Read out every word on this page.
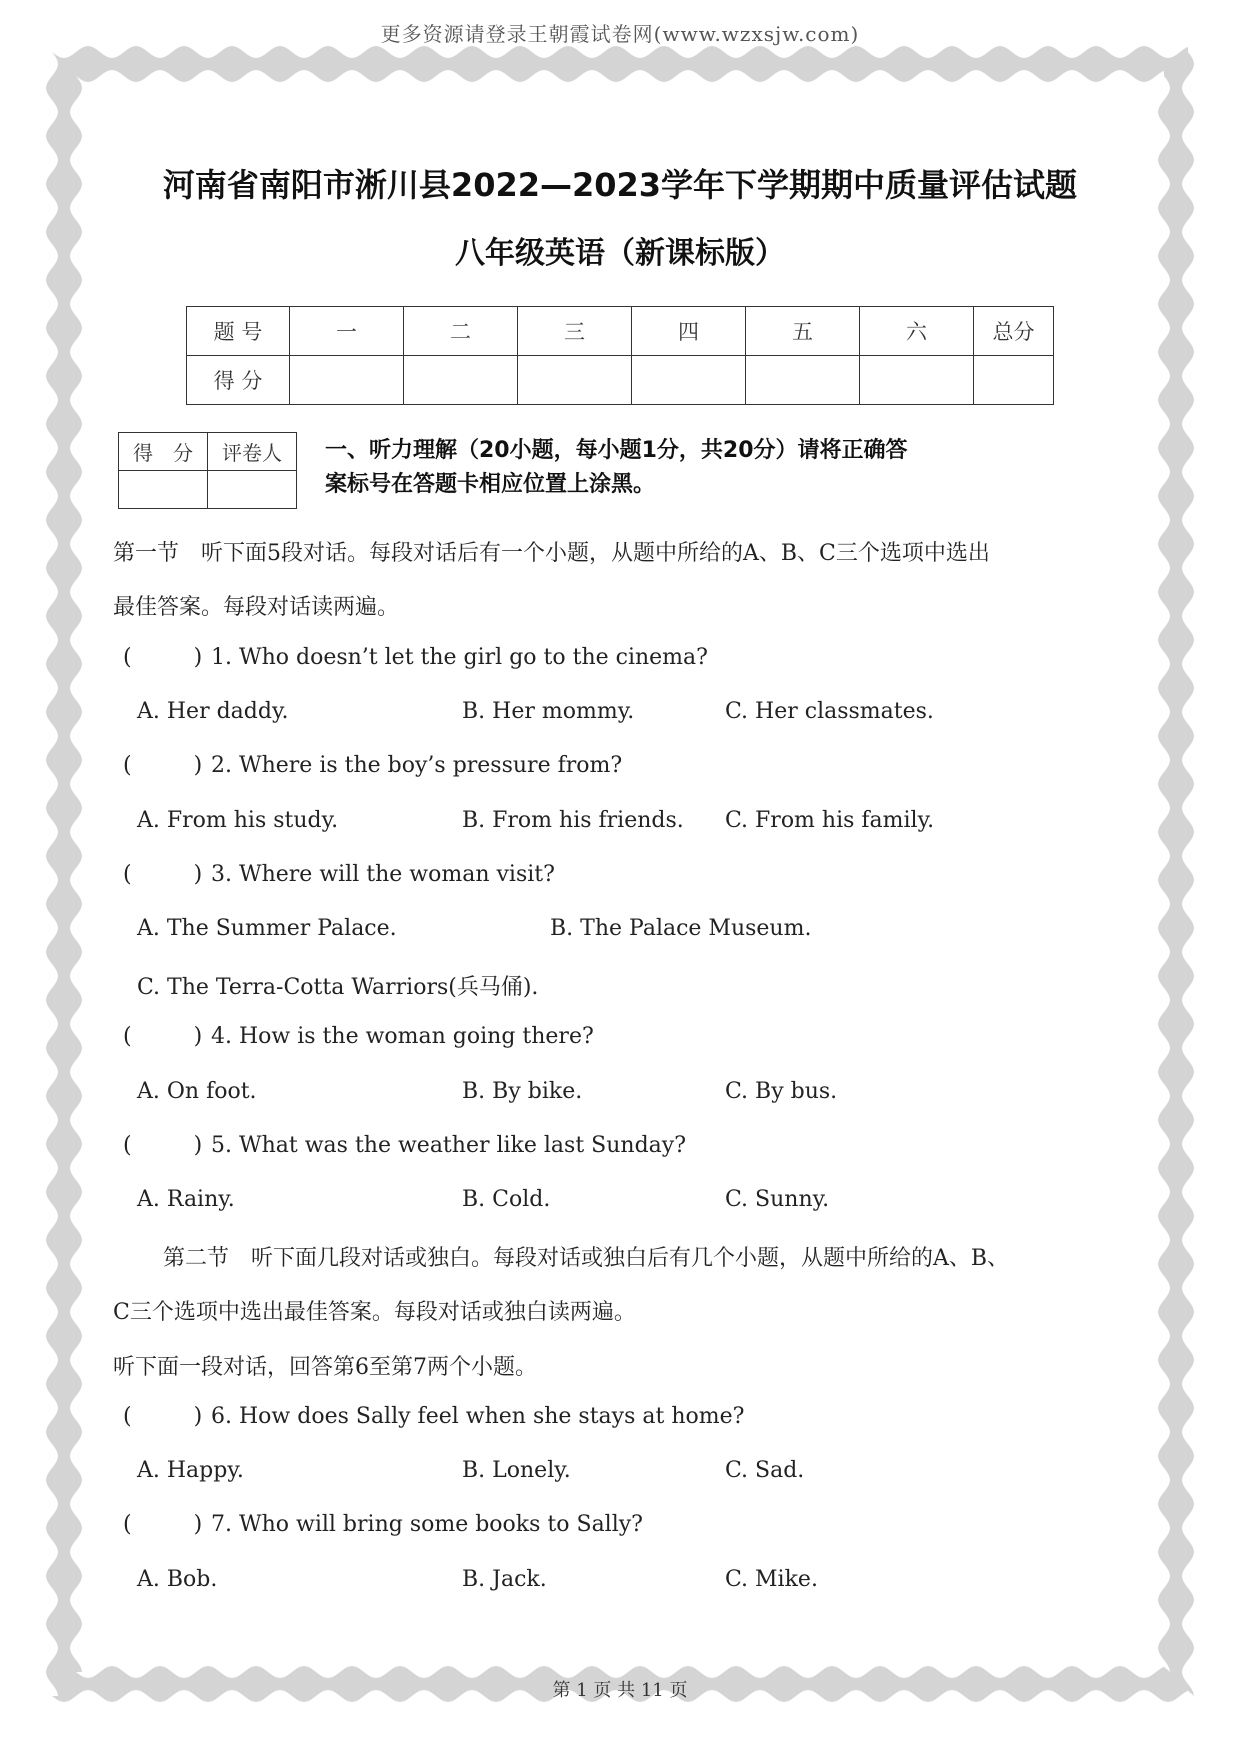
更多资源请登录王朝霞试卷网(www.wzxsjw.com)
河南省南阳市淅川县2022—2023学年下学期期中质量评估试题
八年级英语（新课标版）
题 号	一	二	三	四	五	六	总分
得 分							
得　分	评卷人
	一、听力理解（20小题，每小题1分，共20分）请将正确答
案标号在答题卡相应位置上涂黑。
第一节　听下面5段对话。每段对话后有一个小题，从题中所给的A、B、C三个选项中选出
最佳答案。每段对话读两遍。
(	) 1. Who doesn’t let the girl go to the cinema?
A. Her daddy.	B. Her mommy.	C. Her classmates.
(	) 2. Where is the boy’s pressure from?
A. From his study.	B. From his friends. C. From his family.
(	) 3. Where will the woman visit?
A. The Summer Palace.	B. The Palace Museum.
C. The Terra-Cotta Warriors(兵马俑).
(	) 4. How is the woman going there?
A. On foot.	B. By bike.	C. By bus.
(	) 5. What was the weather like last Sunday?
A. Rainy.	B. Cold.	C. Sunny.
第二节　听下面几段对话或独白。每段对话或独白后有几个小题，从题中所给的A、B、
C三个选项中选出最佳答案。每段对话或独白读两遍。
听下面一段对话，回答第6至第7两个小题。
(	) 6. How does Sally feel when she stays at home?
A. Happy.	B. Lonely.	C. Sad.
(	) 7. Who will bring some books to Sally?
A. Bob.	B. Jack.	C. Mike.
第 1 页 共 11 页
